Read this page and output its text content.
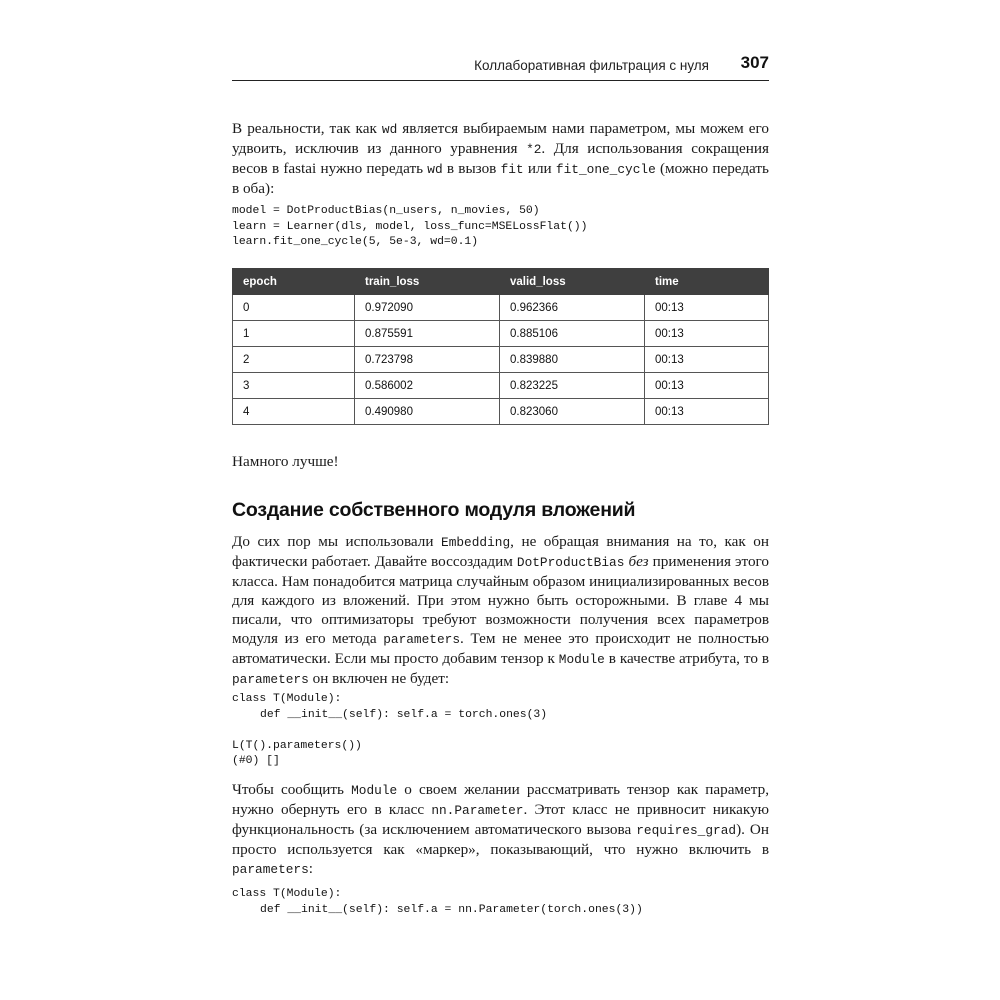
Коллаборативная фильтрация с нуля 307

В реальности, так как wd является выбираемым нами параметром, мы можем его удвоить, исключив из данного уравнения *2. Для использования сокращения весов в fastai нужно передать wd в вызов fit или fit_one_cycle (можно передать в оба):

model = DotProductBias(n_users, n_movies, 50)
learn = Learner(dls, model, loss_func=MSELossFlat())
learn.fit_one_cycle(5, 5e-3, wd=0.1)
epoch	train_loss	valid_loss	time
0	0.972090	0.962366	00:13
1	0.875591	0.885106	00:13
2	0.723798	0.839880	00:13
3	0.586002	0.823225	00:13
4	0.490980	0.823060	00:13

Намного лучше!

Создание собственного модуля вложений

До сих пор мы использовали Embedding, не обращая внимания на то, как он фактически работает. Давайте воссоздадим DotProductBias без применения этого класса. Нам понадобится матрица случайным образом инициализированных весов для каждого из вложений. При этом нужно быть осторожными. В главе 4 мы писали, что оптимизаторы требуют возможности получения всех параметров модуля из его метода parameters. Тем не менее это происходит не полностью автоматически. Если мы просто добавим тензор к Module в качестве атрибута, то в parameters он включен не будет:

class T(Module):
def __init__(self): self.a = torch.ones(3)

L(T().parameters())
(#0) []

Чтобы сообщить Module о своем желании рассматривать тензор как параметр, нужно обернуть его в класс nn.Parameter. Этот класс не привносит никакую функциональность (за исключением автоматического вызова requires_grad). Он просто используется как «маркер», показывающий, что нужно включить в parameters:

class T(Module):
def __init__(self): self.a = nn.Parameter(torch.ones(3))
